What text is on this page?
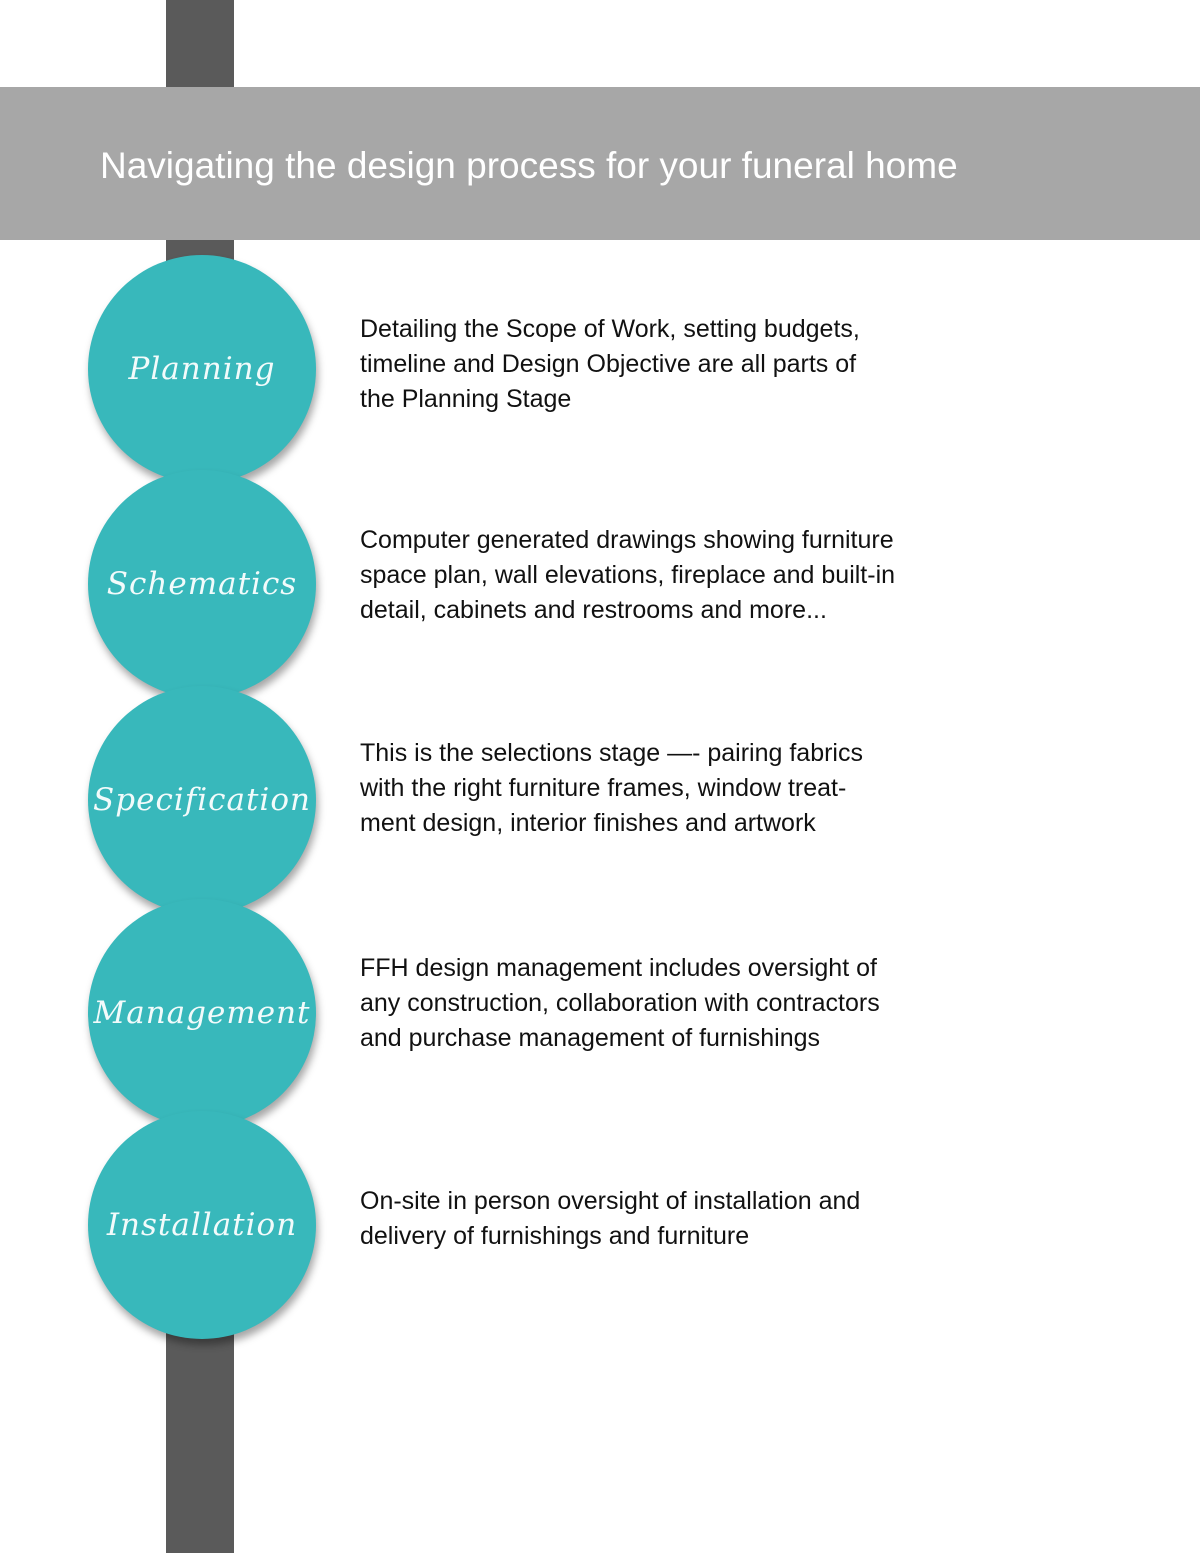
Navigating the design process for your funeral home
Planning
Detailing the Scope of Work, setting budgets,
timeline and Design Objective are all parts of
the Planning Stage
Schematics
Computer generated drawings showing furniture
space plan, wall elevations, fireplace and built-in
detail, cabinets and restrooms and more...
Specification
This is the selections stage —- pairing fabrics
with the right furniture frames, window treat-
ment design, interior finishes and artwork
Management
FFH design management includes oversight of
any construction, collaboration with contractors
and purchase management of furnishings
Installation
On-site in person oversight of installation and
delivery of furnishings and furniture
